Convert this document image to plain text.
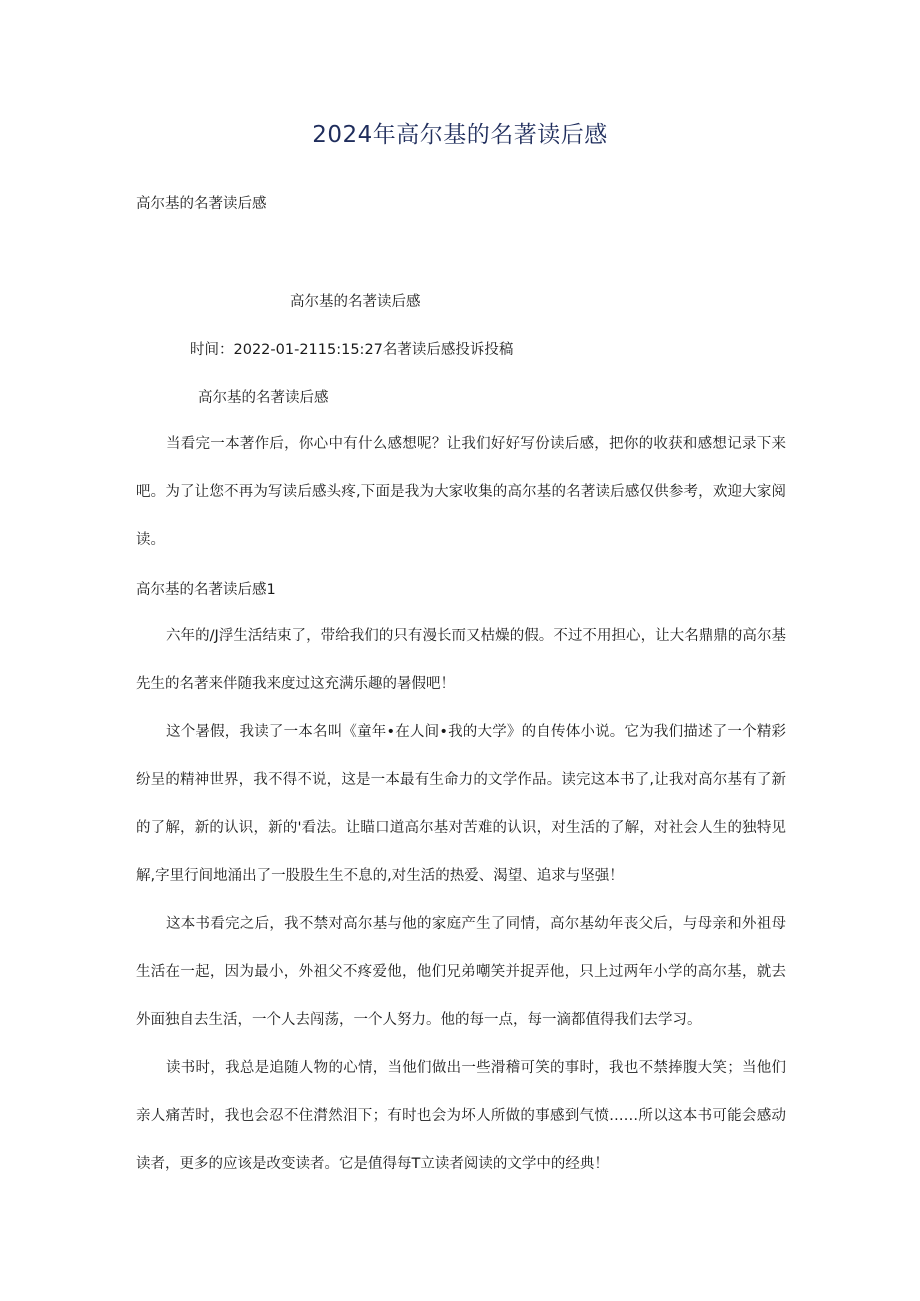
2024年高尔基的名著读后感

高尔基的名著读后感

高尔基的名著读后感

时间：2022-01-2115:15:27名著读后感投诉投稿

高尔基的名著读后感

当看完一本著作后，你心中有什么感想呢？让我们好好写份读后感，把你的收获和感想记录下来吧。为了让您不再为写读后感头疼,下面是我为大家收集的高尔基的名著读后感仅供参考，欢迎大家阅读。

高尔基的名著读后感1

六年的/J浮生活结束了，带给我们的只有漫长而又枯燥的假。不过不用担心，让大名鼎鼎的高尔基先生的名著来伴随我来度过这充满乐趣的暑假吧！

这个暑假，我读了一本名叫《童年•在人间•我的大学》的自传体小说。它为我们描述了一个精彩纷呈的精神世界，我不得不说，这是一本最有生命力的文学作品。读完这本书了,让我对高尔基有了新的了解，新的认识，新的'看法。让瞄口道高尔基对苦难的认识，对生活的了解，对社会人生的独特见解,字里行间地涌出了一股股生生不息的,对生活的热爱、渴望、追求与坚强！

这本书看完之后，我不禁对高尔基与他的家庭产生了同情，高尔基幼年丧父后，与母亲和外祖母生活在一起，因为最小，外祖父不疼爱他，他们兄弟嘲笑并捉弄他，只上过两年小学的高尔基，就去外面独自去生活，一个人去闯荡，一个人努力。他的每一点，每一滴都值得我们去学习。

读书时，我总是追随人物的心情，当他们做出一些滑稽可笑的事时，我也不禁捧腹大笑；当他们亲人痛苦时，我也会忍不住潸然泪下；有时也会为坏人所做的事感到气愤……所以这本书可能会感动读者，更多的应该是改变读者。它是值得每T立读者阅读的文学中的经典！
